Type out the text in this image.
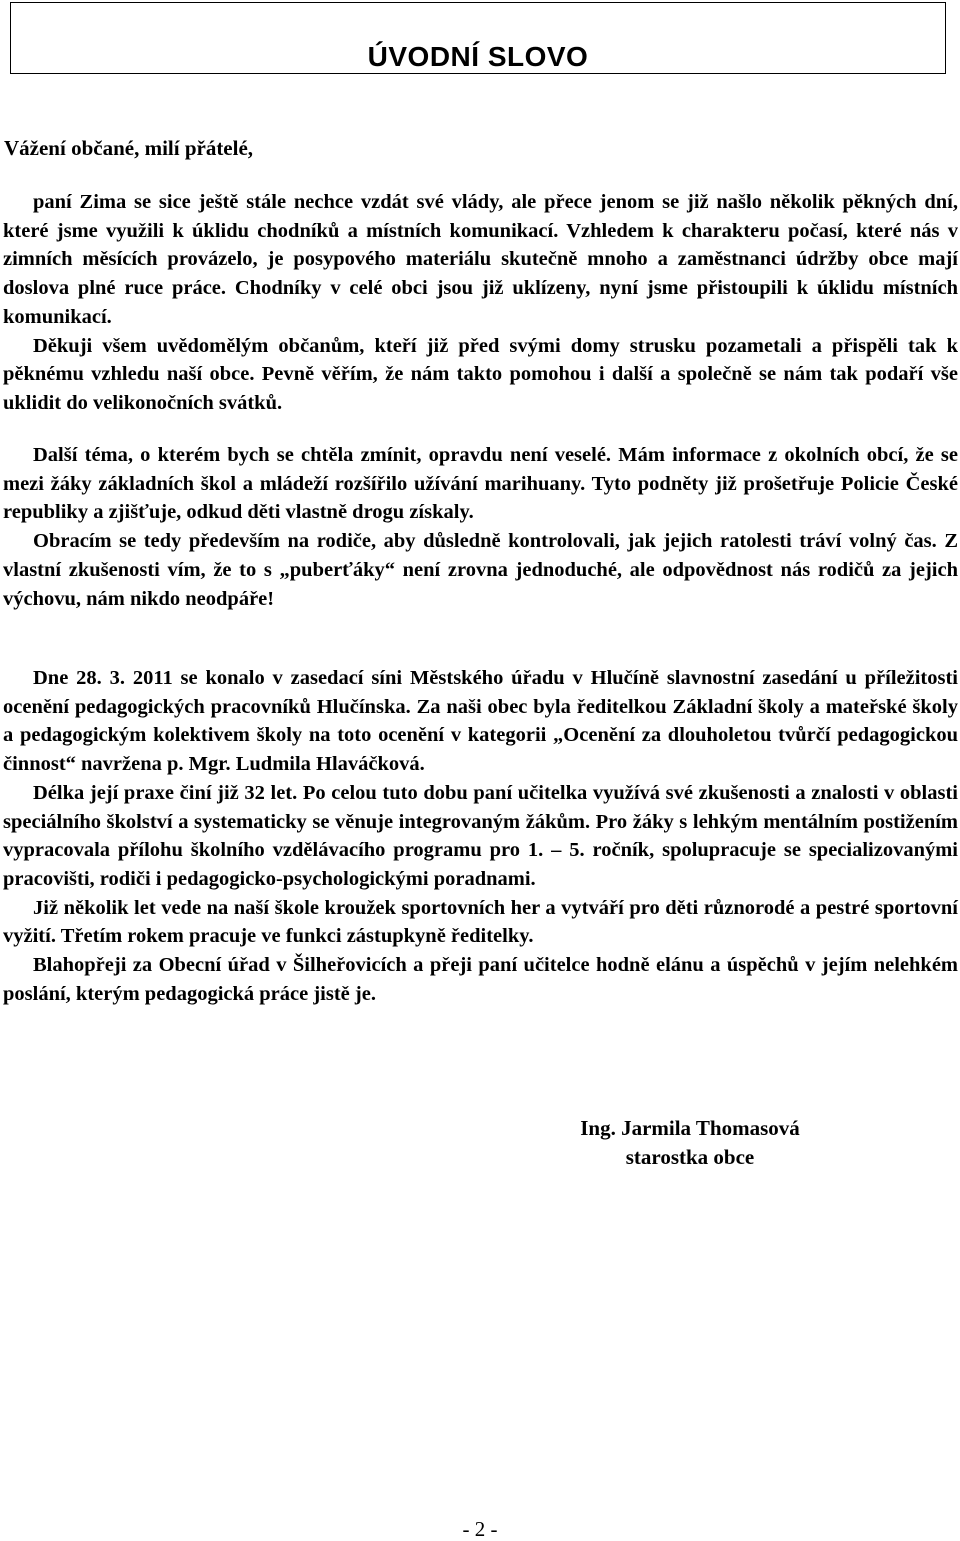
ÚVODNÍ SLOVO

Vážení občané, milí přátelé,

paní Zima se sice ještě stále nechce vzdát své vlády, ale přece jenom se již našlo několik pěkných dní, které jsme využili k úklidu chodníků a místních komunikací. Vzhledem k charakteru počasí, které nás v zimních měsících provázelo, je posypového materiálu skutečně mnoho a zaměstnanci údržby obce mají doslova plné ruce práce. Chodníky v celé obci jsou již uklízeny, nyní jsme přistoupili k úklidu místních komunikací.

Děkuji všem uvědomělým občanům, kteří již před svými domy strusku pozametali a přispěli tak k pěknému vzhledu naší obce. Pevně věřím, že nám takto pomohou i další a společně se nám tak podaří vše uklidit do velikonočních svátků.

Další téma, o kterém bych se chtěla zmínit, opravdu není veselé. Mám informace z okolních obcí, že se mezi žáky základních škol a mládeží rozšířilo užívání marihuany. Tyto podněty již prošetřuje Policie České republiky a zjišťuje, odkud děti vlastně drogu získaly.

Obracím se tedy především na rodiče, aby důsledně kontrolovali, jak jejich ratolesti tráví volný čas. Z vlastní zkušenosti vím, že to s „puberťáky“ není zrovna jednoduché, ale odpovědnost nás rodičů za jejich výchovu, nám nikdo neodpáře!

Dne 28. 3. 2011 se konalo v zasedací síni Městského úřadu v Hlučíně slavnostní zasedání u příležitosti ocenění pedagogických pracovníků Hlučínska. Za naši obec byla ředitelkou Základní školy a mateřské školy a pedagogickým kolektivem školy na toto ocenění v kategorii „Ocenění za dlouholetou tvůrčí pedagogickou činnost“ navržena p. Mgr. Ludmila Hlaváčková.

Délka její praxe činí již 32 let. Po celou tuto dobu paní učitelka využívá své zkušenosti a znalosti v oblasti speciálního školství a systematicky se věnuje integrovaným žákům. Pro žáky s lehkým mentálním postižením vypracovala přílohu školního vzdělávacího programu pro 1. – 5. ročník, spolupracuje se specializovanými pracovišti, rodiči i pedagogicko-psychologickými poradnami.

Již několik let vede na naší škole kroužek sportovních her a vytváří pro děti různorodé a pestré sportovní vyžití. Třetím rokem pracuje ve funkci zástupkyně ředitelky.

Blahopřeji za Obecní úřad v Šilheřovicích a přeji paní učitelce hodně elánu a úspěchů v jejím nelehkém poslání, kterým pedagogická práce jistě je.

Ing. Jarmila Thomasová
starostka obce

- 2 -
